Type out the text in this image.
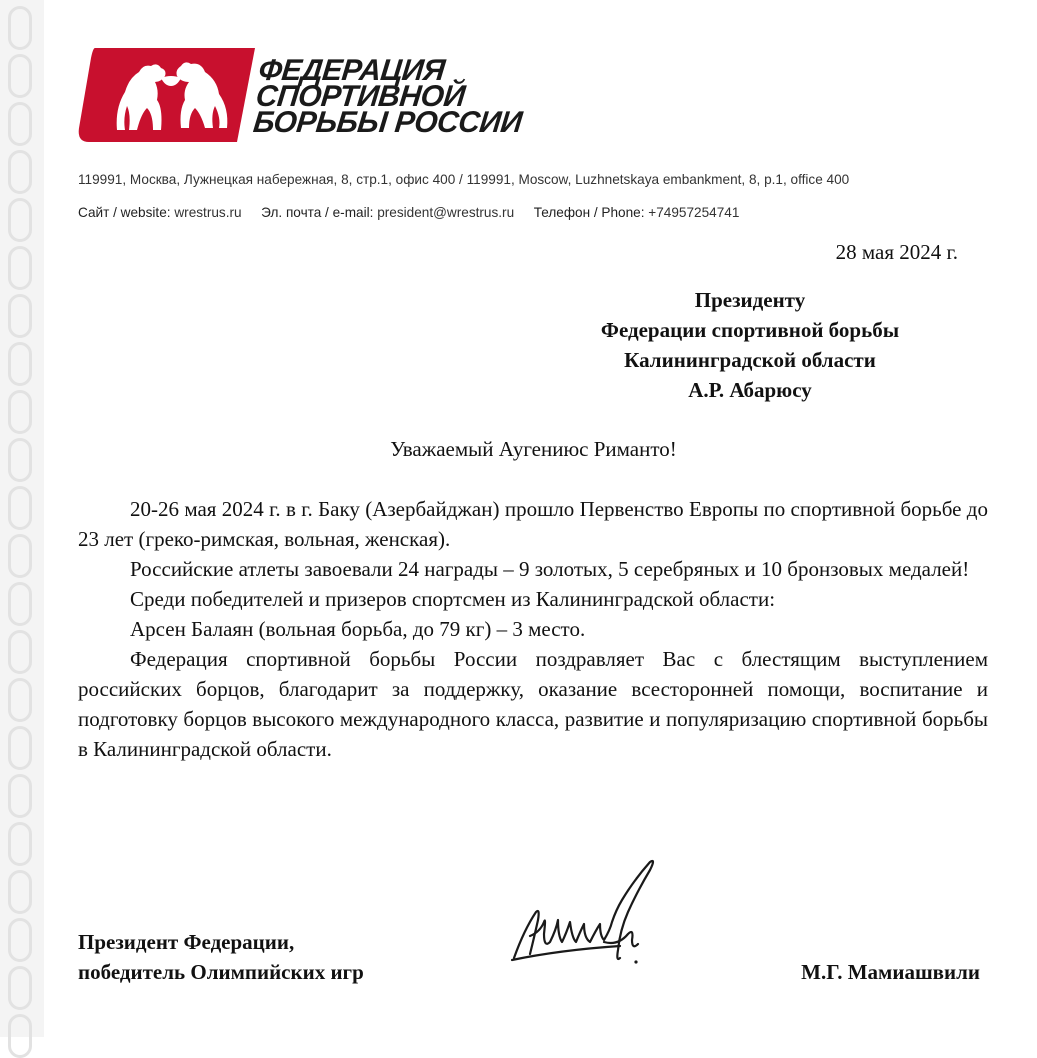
ФЕДЕРАЦИЯ
СПОРТИВНОЙ
БОРЬБЫ РОССИИ
119991, Москва, Лужнецкая набережная, 8, стр.1, офис 400 / 119991, Moscow, Luzhnetskaya embankment, 8, p.1, office 400
Сайт / website: wrestrus.ru Эл. почта / e-mail: president@wrestrus.ru Телефон / Phone: +74957254741
28 мая 2024 г.
Президенту
Федерации спортивной борьбы
Калининградской области
А.Р. Абарюсу
Уважаемый Аугениюс Риманто!

20-26 мая 2024 г. в г. Баку (Азербайджан) прошло Первенство Европы по спортивной борьбе до 23 лет (греко-римская, вольная, женская).

Российские атлеты завоевали 24 награды – 9 золотых, 5 серебряных и 10 бронзовых медалей!

Среди победителей и призеров спортсмен из Калининградской области:

Арсен Балаян (вольная борьба, до 79 кг) – 3 место.

Федерация спортивной борьбы России поздравляет Вас с блестящим выступлением российских борцов, благодарит за поддержку, оказание всесторонней помощи, воспитание и подготовку борцов высокого международного класса, развитие и популяризацию спортивной борьбы в Калининградской области.

Президент Федерации,
победитель Олимпийских игр	М.Г. Мамиашвили
